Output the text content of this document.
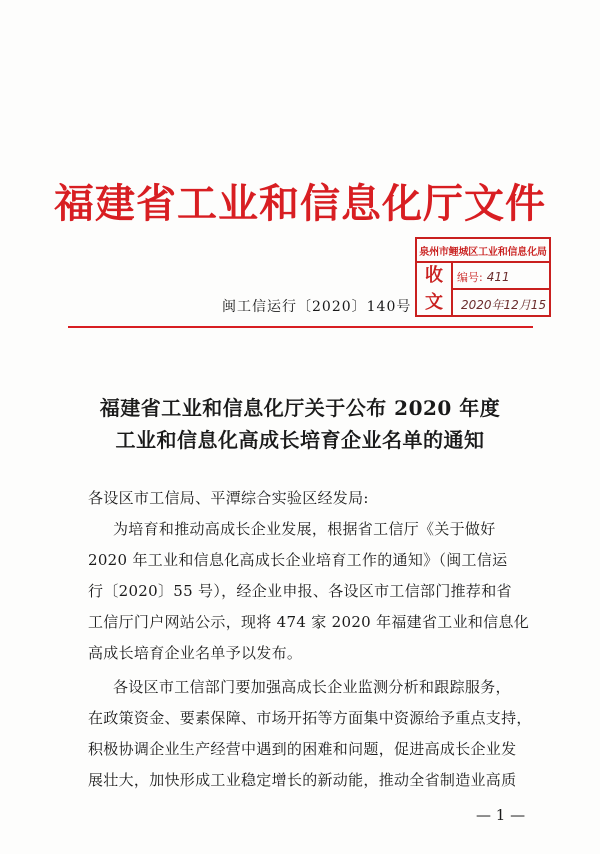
福建省工业和信息化厅文件
泉州市鲤城区工业和信息化局
收
文
编号: 411
2020年12月15
闽工信运行〔2020〕140号
福建省工业和信息化厅关于公布 2020 年度
工业和信息化高成长培育企业名单的通知
各设区市工信局、平潭综合实验区经发局:
为培育和推动高成长企业发展，根据省工信厅《关于做好
2020 年工业和信息化高成长企业培育工作的通知》（闽工信运
行〔2020〕55 号），经企业申报、各设区市工信部门推荐和省
工信厅门户网站公示，现将 474 家 2020 年福建省工业和信息化
高成长培育企业名单予以发布。
各设区市工信部门要加强高成长企业监测分析和跟踪服务，
在政策资金、要素保障、市场开拓等方面集中资源给予重点支持，
积极协调企业生产经营中遇到的困难和问题，促进高成长企业发
展壮大，加快形成工业稳定增长的新动能，推动全省制造业高质
— 1 —
